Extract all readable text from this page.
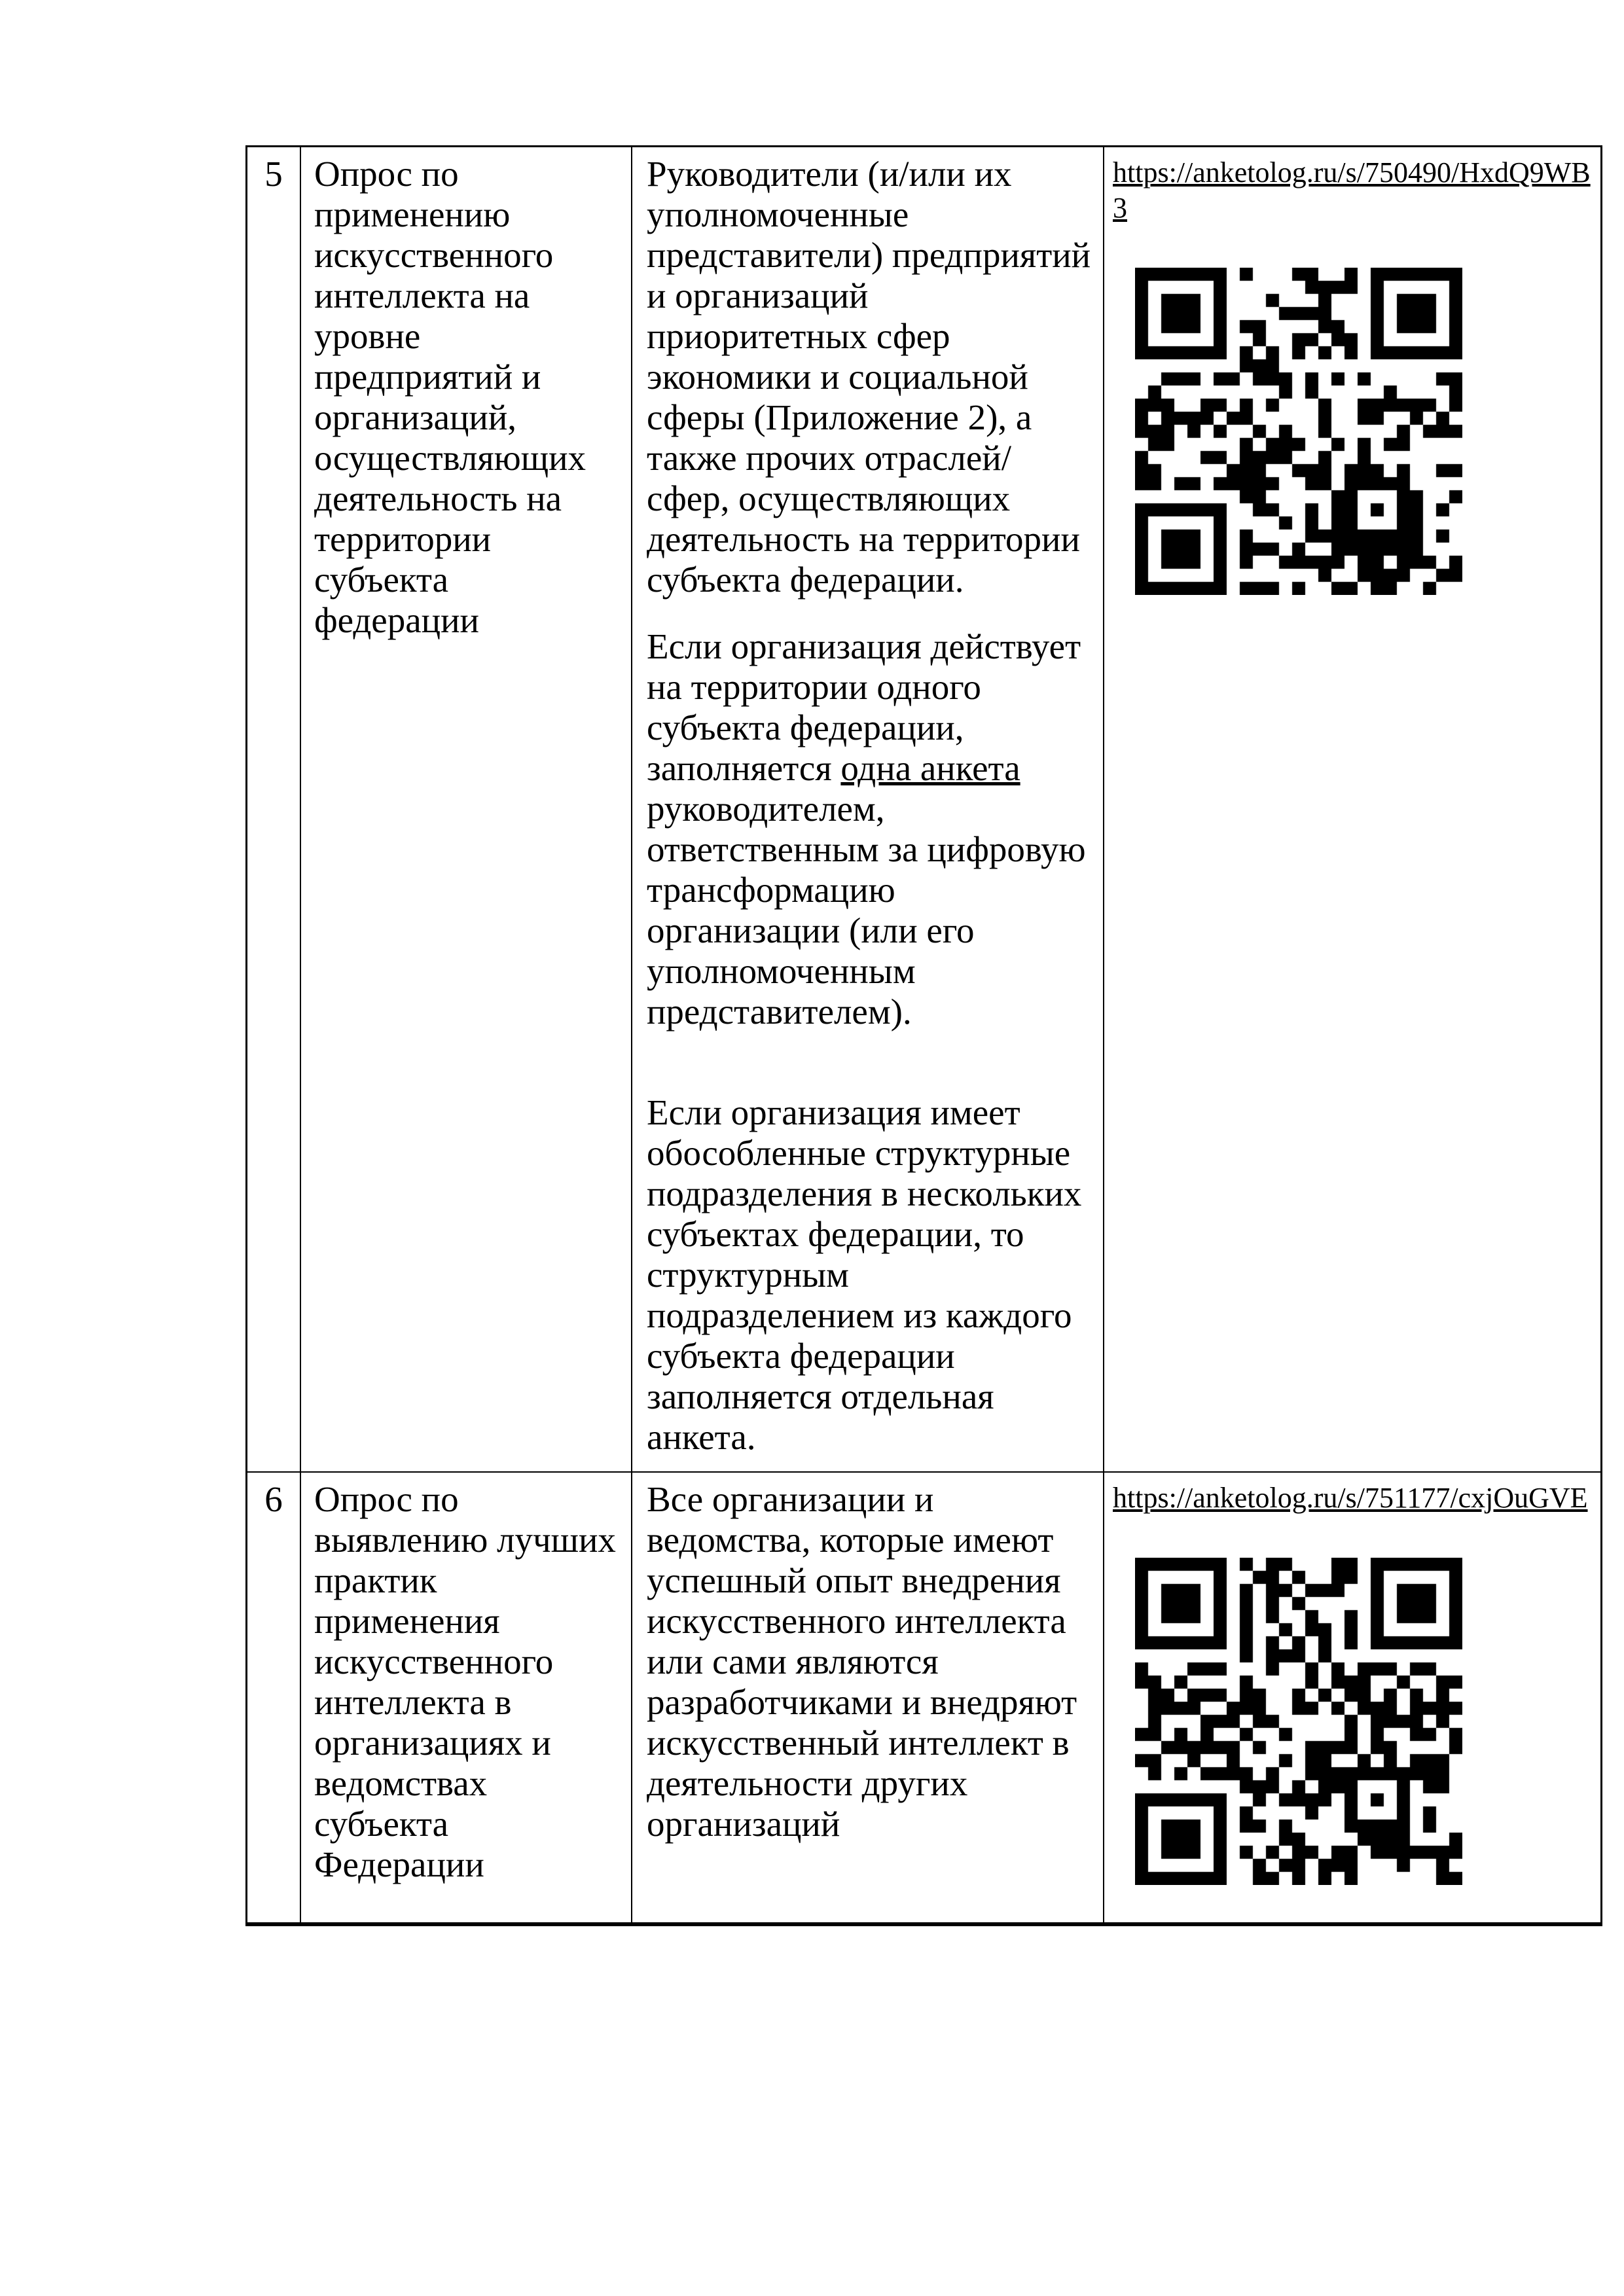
5 Опрос по применению искусственного интеллекта на уровне предприятий и организаций, осуществляющих деятельность на территории субъекта федерации

Руководители (и/или их уполномоченные представители) предприятий и организаций приоритетных сфер экономики и социальной сферы (Приложение 2), а также прочих отраслей/сфер, осуществляющих деятельность на территории субъекта федерации.

Если организация действует на территории одного субъекта федерации, заполняется одна анкета руководителем, ответственным за цифровую трансформацию организации (или его уполномоченным представителем).

Если организация имеет обособленные структурные подразделения в нескольких субъектах федерации, то структурным подразделением из каждого субъекта федерации заполняется отдельная анкета.

https://anketolog.ru/s/750490/HxdQ9WB3
6 Опрос по выявлению лучших практик применения искусственного интеллекта в организациях и ведомствах субъекта Федерации

Все организации и ведомства, которые имеют успешный опыт внедрения искусственного интеллекта или сами являются разработчиками и внедряют искусственный интеллект в деятельности других организаций

https://anketolog.ru/s/751177/cxjOuGVE
